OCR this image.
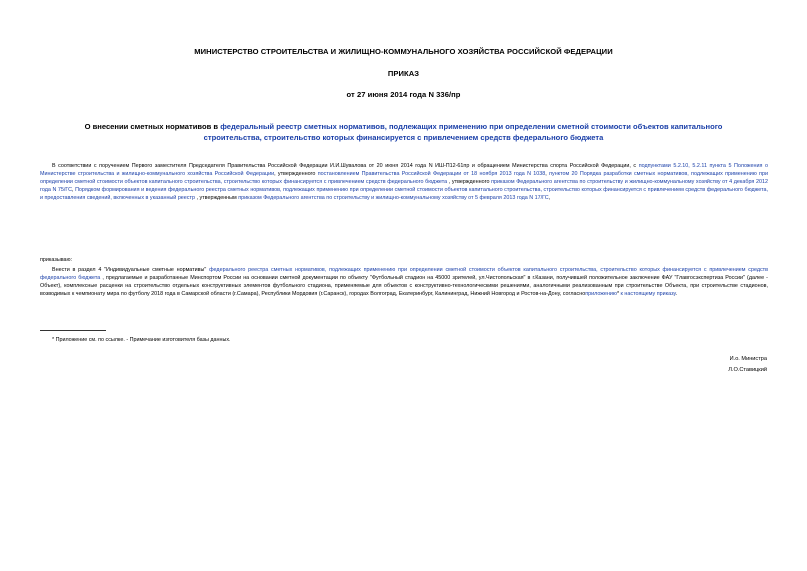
МИНИСТЕРСТВО СТРОИТЕЛЬСТВА И ЖИЛИЩНО-КОММУНАЛЬНОГО ХОЗЯЙСТВА РОССИЙСКОЙ ФЕДЕРАЦИИ
ПРИКАЗ
от 27 июня 2014 года N 336/пр
О внесении сметных нормативов в федеральный реестр сметных нормативов, подлежащих применению при определении сметной стоимости объектов капитального строительства, строительство которых финансируется с привлечением средств федерального бюджета
В соответствии с поручением Первого заместителя Председателя Правительства Российской Федерации И.И.Шувалова от 20 июня 2014 года N ИШ-П12-61пр и обращением Министерства спорта Российской Федерации, с подпунктами 5.2.10, 5.2.11 пункта 5 Положения о Министерстве строительства и жилищно-коммунального хозяйства Российской Федерации, утвержденного постановлением Правительства Российской Федерации от 18 ноября 2013 года N 1038, пунктом 20 Порядка разработки сметных нормативов, подлежащих применению при определении сметной стоимости объектов капитального строительства, строительство которых финансируется с привлечением средств федерального бюджета , утвержденного приказом Федерального агентства по строительству и жилищно-коммунальному хозяйству от 4 декабря 2012 года N 75/ГС, Порядком формирования и ведения федерального реестра сметных нормативов, подлежащих применению при определении сметной стоимости объектов капитального строительства, строительство которых финансируется с привлечением средств федерального бюджета, и предоставления сведений, включенных в указанный реестр , утвержденным приказом Федерального агентства по строительству и жилищно-коммунальному хозяйству от 5 февраля 2013 года N 17/ГС,
приказываю:
Внести в раздел 4 "Индивидуальные сметные нормативы" федерального реестра сметных нормативов, подлежащих применению при определении сметной стоимости объектов капитального строительства, строительство которых финансируется с привлечением средств федерального бюджета , предлагаемые и разработанные Минспортом России на основании сметной документации по объекту "Футбольный стадион на 45000 зрителей, ул.Чистопольская" в г.Казани, получившей положительное заключение ФАУ "Главгосэкспертиза России" (далее - Объект), комплексные расценки на строительство отдельных конструктивных элементов футбольного стадиона, применяемые для объектов с конструктивно-технологическими решениями, аналогичными реализованным при строительстве Объекта, при строительстве стадионов, возводимых к чемпионату мира по футболу 2018 года в Самарской области (г.Самара), Республики Мордовия (г.Саранск), городах Волгоград, Екатеринбург, Калининград, Нижний Новгород и Ростов-на-Дону, согласноприложению* к настоящему приказу.
* Приложение см. по ссылке. - Примечание изготовителя базы данных.
И.о. Министра
Л.О.Ставицкий
